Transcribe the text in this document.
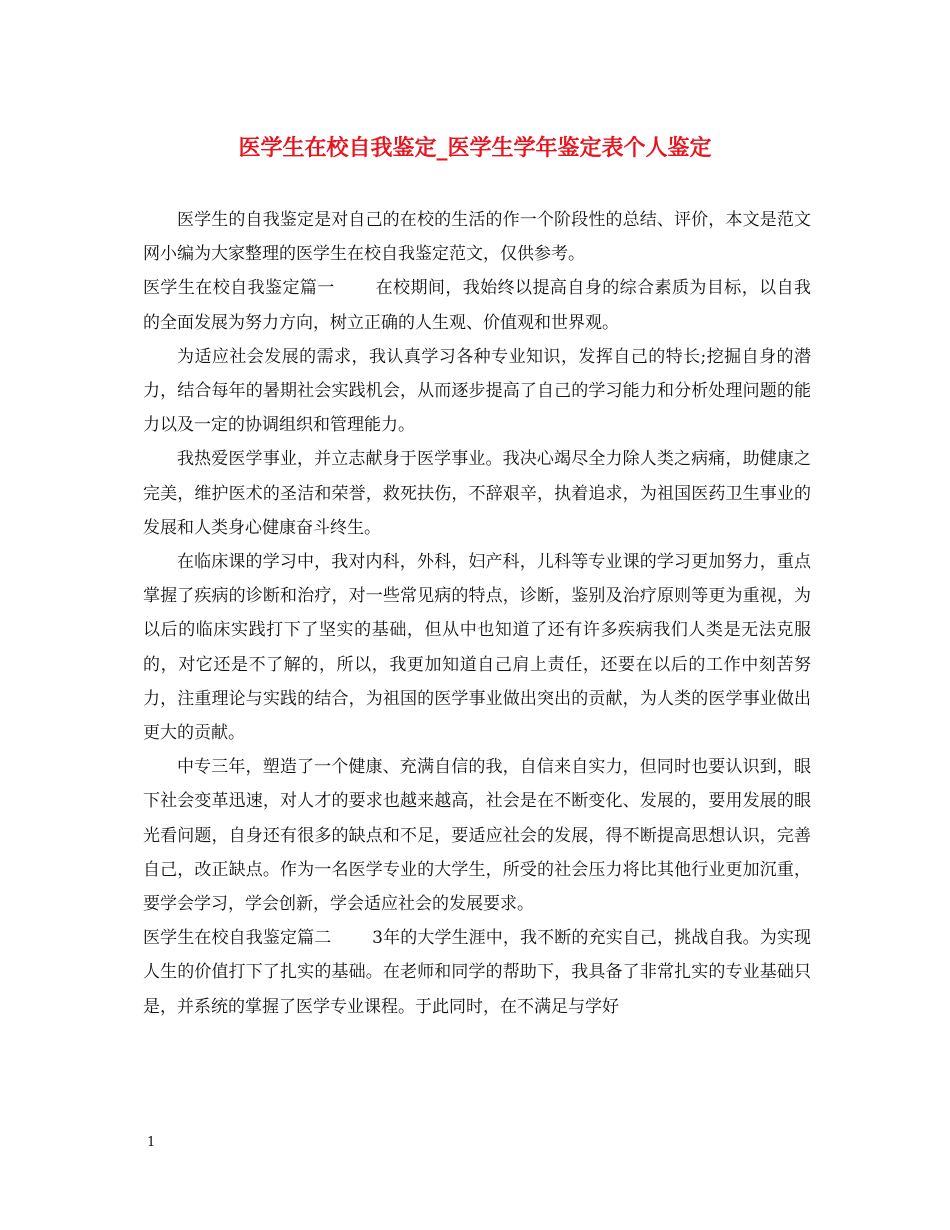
医学生在校自我鉴定_医学生学年鉴定表个人鉴定

医学生的自我鉴定是对自己的在校的生活的作一个阶段性的总结、评价，本文是范文网小编为大家整理的医学生在校自我鉴定范文，仅供参考。

医学生在校自我鉴定篇一 在校期间，我始终以提高自身的综合素质为目标，以自我的全面发展为努力方向，树立正确的人生观、价值观和世界观。

为适应社会发展的需求，我认真学习各种专业知识，发挥自己的特长;挖掘自身的潜力，结合每年的暑期社会实践机会，从而逐步提高了自己的学习能力和分析处理问题的能力以及一定的协调组织和管理能力。

我热爱医学事业，并立志献身于医学事业。我决心竭尽全力除人类之病痛，助健康之完美，维护医术的圣洁和荣誉，救死扶伤，不辞艰辛，执着追求，为祖国医药卫生事业的发展和人类身心健康奋斗终生。

在临床课的学习中，我对内科，外科，妇产科，儿科等专业课的学习更加努力，重点掌握了疾病的诊断和治疗，对一些常见病的特点，诊断，鉴别及治疗原则等更为重视，为以后的临床实践打下了坚实的基础，但从中也知道了还有许多疾病我们人类是无法克服的，对它还是不了解的，所以，我更加知道自己肩上责任，还要在以后的工作中刻苦努力，注重理论与实践的结合，为祖国的医学事业做出突出的贡献，为人类的医学事业做出更大的贡献。

中专三年，塑造了一个健康、充满自信的我，自信来自实力，但同时也要认识到，眼下社会变革迅速，对人才的要求也越来越高，社会是在不断变化、发展的，要用发展的眼光看问题，自身还有很多的缺点和不足，要适应社会的发展，得不断提高思想认识，完善自己，改正缺点。作为一名医学专业的大学生，所受的社会压力将比其他行业更加沉重，要学会学习，学会创新，学会适应社会的发展要求。

医学生在校自我鉴定篇二 3年的大学生涯中，我不断的充实自己，挑战自我。为实现人生的价值打下了扎实的基础。在老师和同学的帮助下，我具备了非常扎实的专业基础只是，并系统的掌握了医学专业课程。于此同时，在不满足与学好

1
